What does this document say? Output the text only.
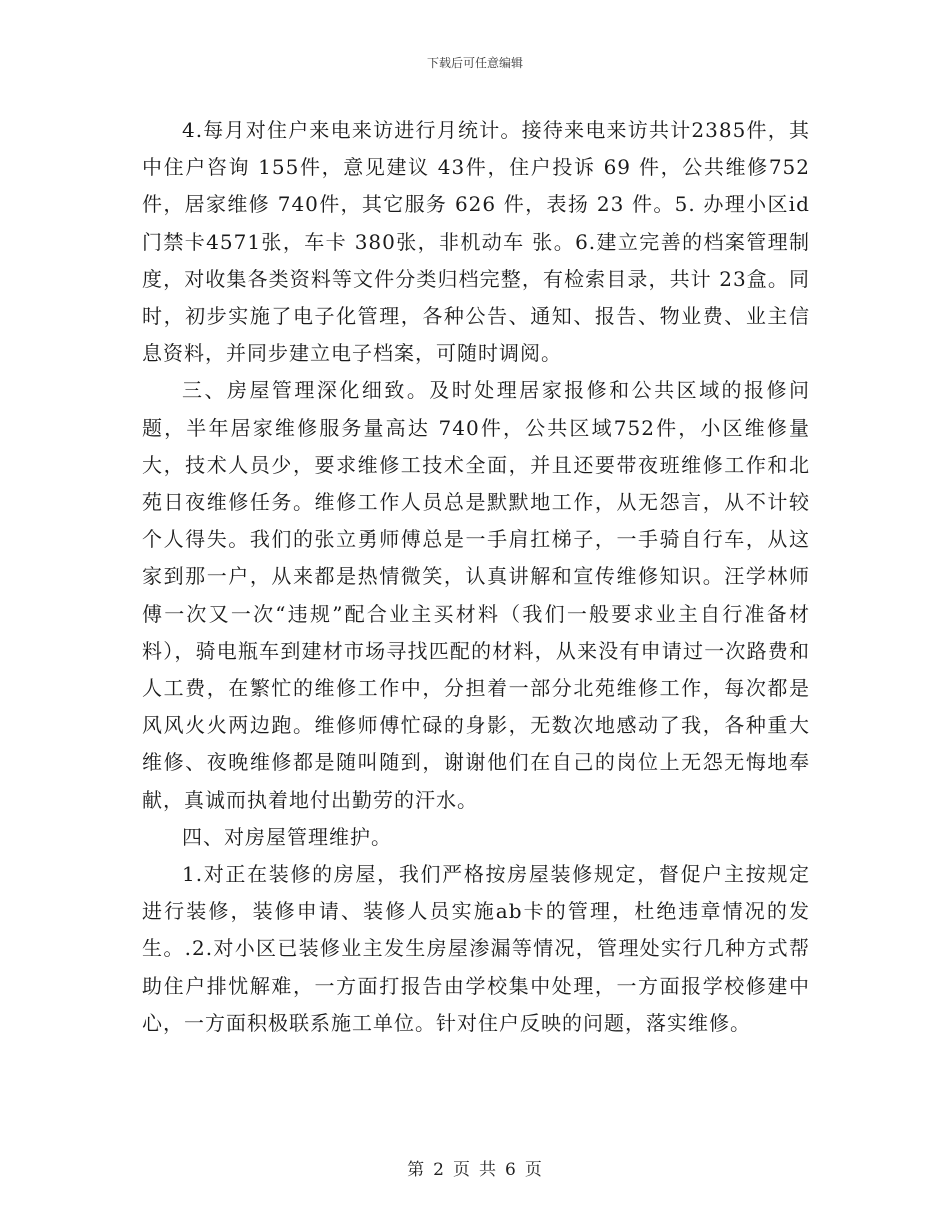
下载后可任意编辑

4.每月对住户来电来访进行月统计。接待来电来访共计2385件，其中住户咨询 155件，意见建议 43件，住户投诉 69 件，公共维修752件，居家维修 740件，其它服务 626 件，表扬 23 件。5. 办理小区id门禁卡4571张，车卡 380张，非机动车 张。6.建立完善的档案管理制度，对收集各类资料等文件分类归档完整，有检索目录，共计 23盒。同时，初步实施了电子化管理，各种公告、通知、报告、物业费、业主信息资料，并同步建立电子档案，可随时调阅。

三、房屋管理深化细致。及时处理居家报修和公共区域的报修问题，半年居家维修服务量高达 740件，公共区域752件，小区维修量大，技术人员少，要求维修工技术全面，并且还要带夜班维修工作和北苑日夜维修任务。维修工作人员总是默默地工作，从无怨言，从不计较个人得失。我们的张立勇师傅总是一手肩扛梯子，一手骑自行车，从这家到那一户，从来都是热情微笑，认真讲解和宣传维修知识。汪学林师傅一次又一次“违规”配合业主买材料（我们一般要求业主自行准备材料），骑电瓶车到建材市场寻找匹配的材料，从来没有申请过一次路费和人工费，在繁忙的维修工作中，分担着一部分北苑维修工作，每次都是风风火火两边跑。维修师傅忙碌的身影，无数次地感动了我，各种重大维修、夜晚维修都是随叫随到，谢谢他们在自己的岗位上无怨无悔地奉献，真诚而执着地付出勤劳的汗水。

四、对房屋管理维护。

1.对正在装修的房屋，我们严格按房屋装修规定，督促户主按规定进行装修，装修申请、装修人员实施ab卡的管理，杜绝违章情况的发生。.2.对小区已装修业主发生房屋渗漏等情况，管理处实行几种方式帮助住户排忧解难，一方面打报告由学校集中处理，一方面报学校修建中心，一方面积极联系施工单位。针对住户反映的问题，落实维修。

第 2 页 共 6 页
